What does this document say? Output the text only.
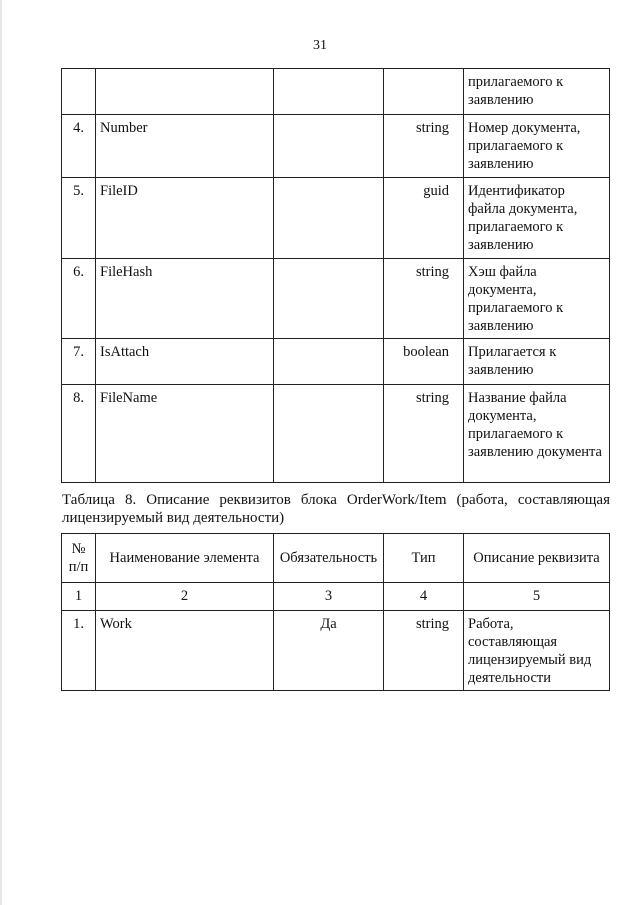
31
				прилагаемого к заявлению
4.	Number		string	Номер документа, прилагаемого к заявлению
5.	FileID		guid	Идентификатор файла документа, прилагаемого к заявлению
6.	FileHash		string	Хэш файла документа, прилагаемого к заявлению
7.	IsAttach		boolean	Прилагается к заявлению
8.	FileName		string	Название файла документа, прилагаемого к заявлению документа
Таблица 8. Описание реквизитов блока OrderWork/Item (работа, составляющая лицензируемый вид деятельности)
№ п/п	Наименование элемента	Обязательность	Тип	Описание реквизита
1	2	3	4	5
1.	Work	Да	string	Работа, составляющая лицензируемый вид деятельности
